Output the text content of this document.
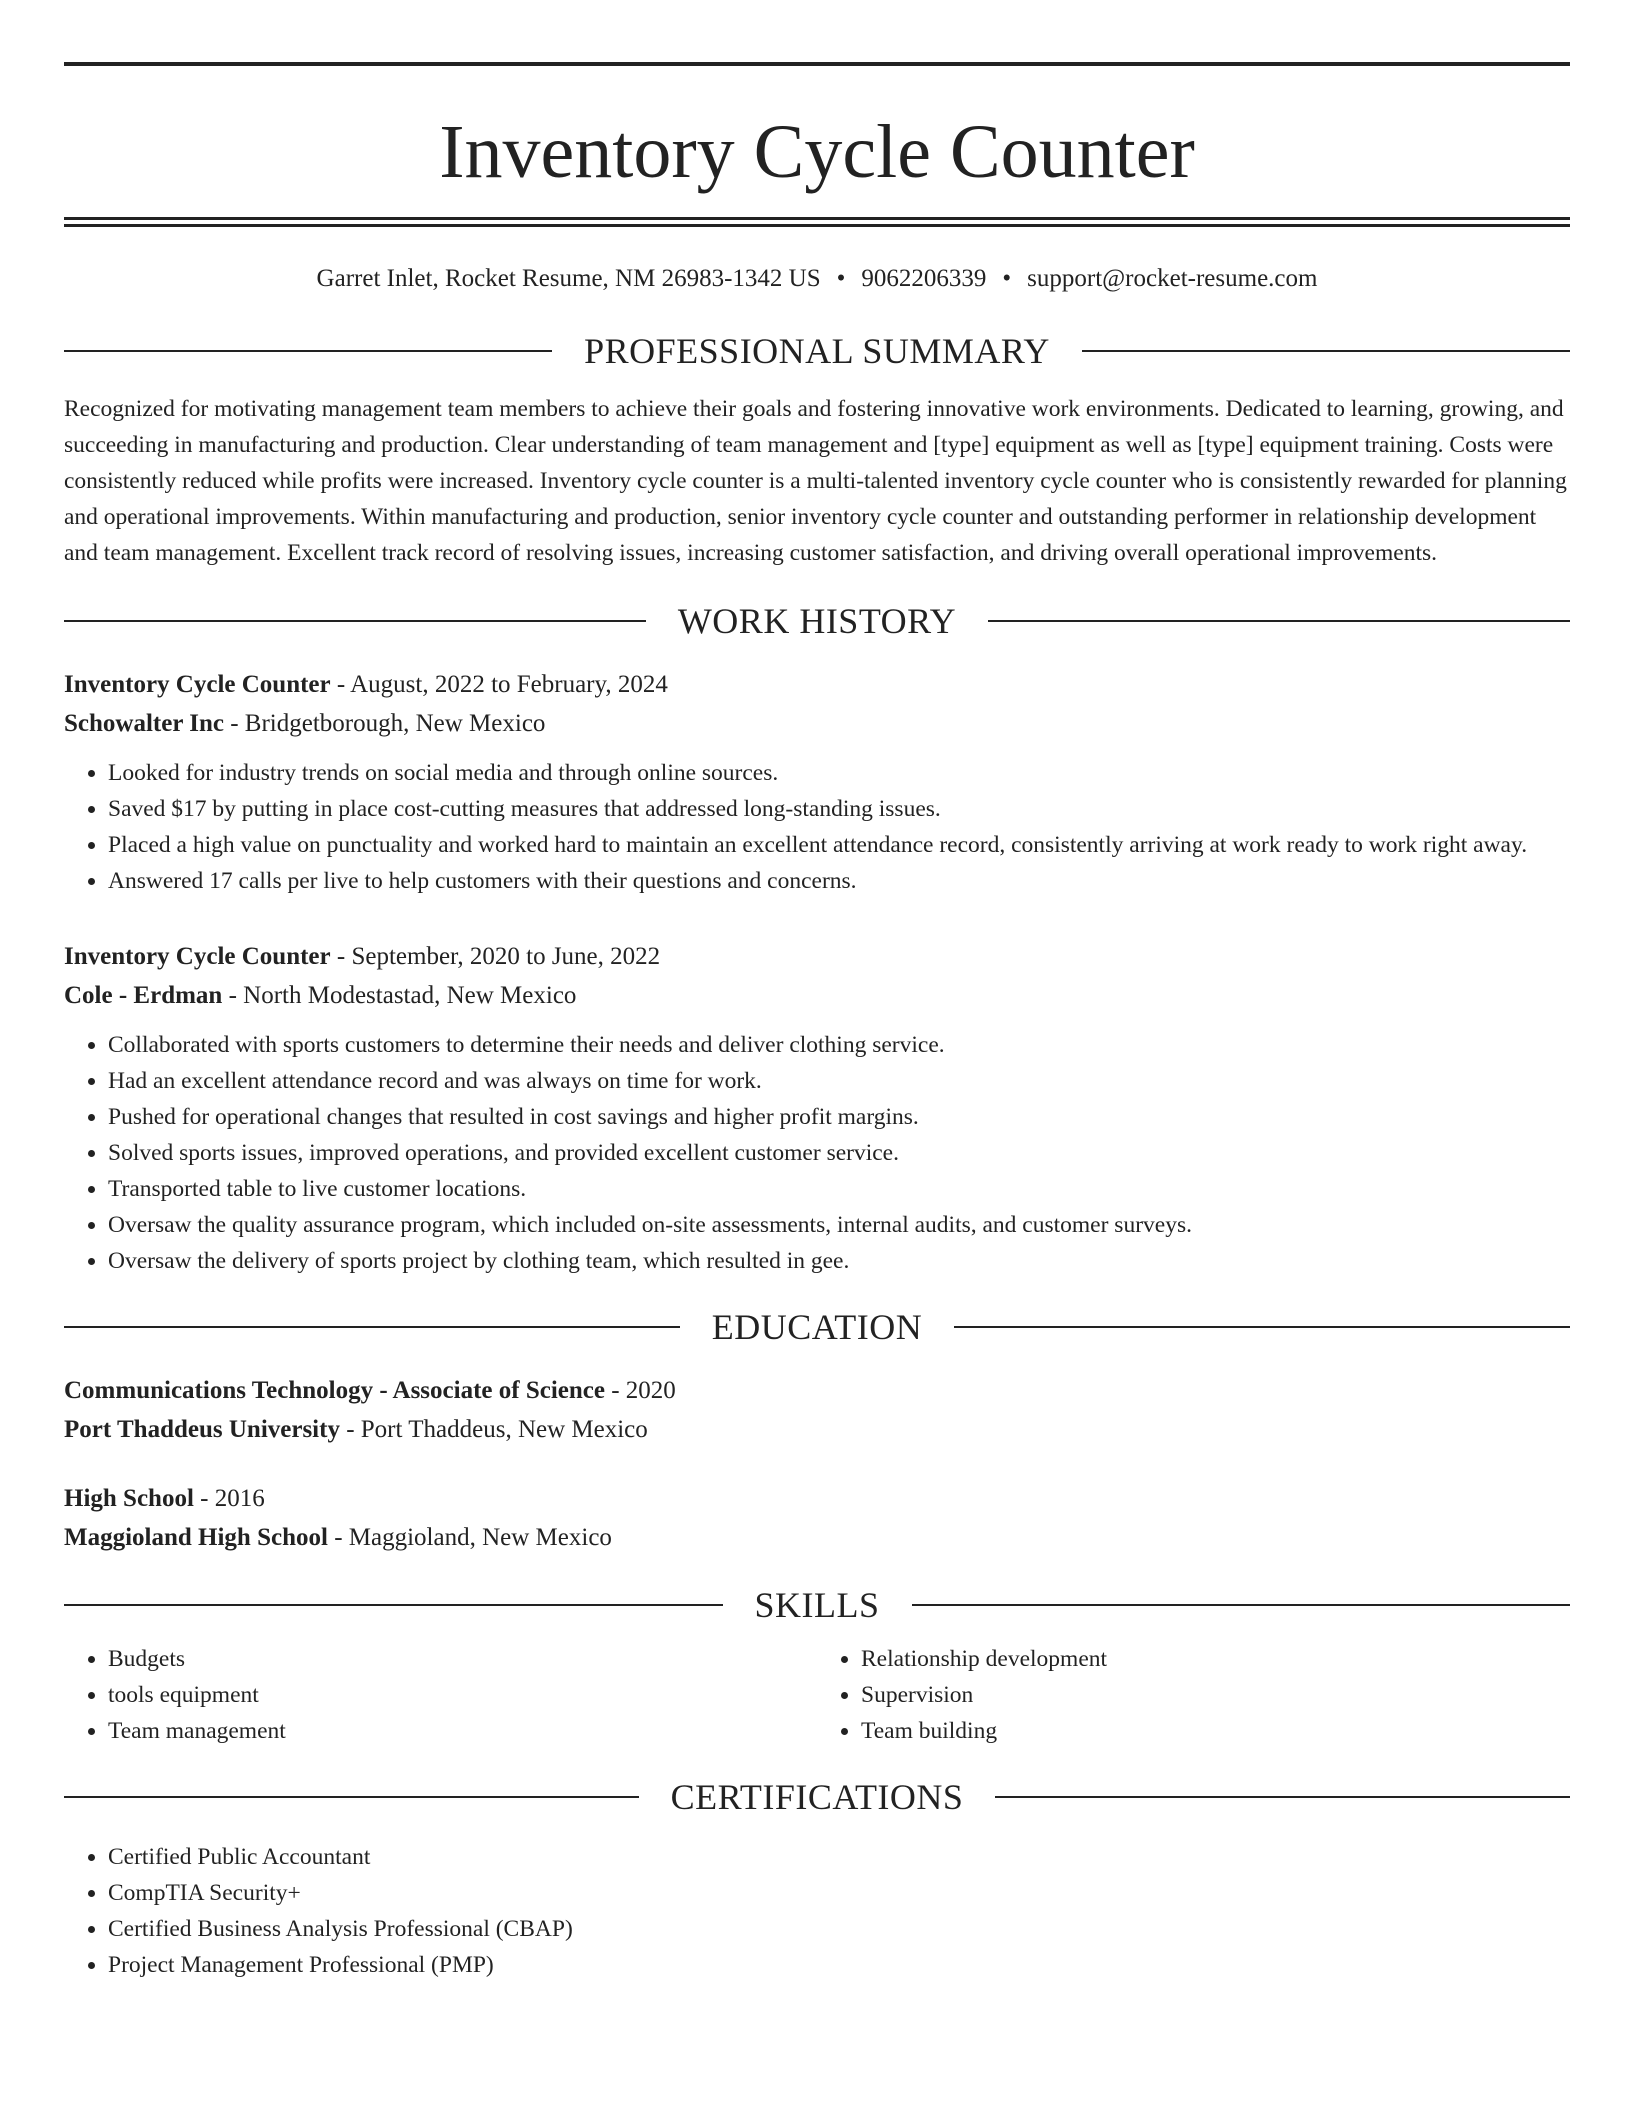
Inventory Cycle Counter
Garret Inlet, Rocket Resume, NM 26983-1342 US • 9062206339 • support@rocket-resume.com
PROFESSIONAL SUMMARY

Recognized for motivating management team members to achieve their goals and fostering innovative work environments. Dedicated to learning, growing, and succeeding in manufacturing and production. Clear understanding of team management and [type] equipment as well as [type] equipment training. Costs were consistently reduced while profits were increased. Inventory cycle counter is a multi-talented inventory cycle counter who is consistently rewarded for planning and operational improvements. Within manufacturing and production, senior inventory cycle counter and outstanding performer in relationship development and team management. Excellent track record of resolving issues, increasing customer satisfaction, and driving overall operational improvements.

WORK HISTORY
Inventory Cycle Counter - August, 2022 to February, 2024
Schowalter Inc - Bridgetborough, New Mexico
• Looked for industry trends on social media and through online sources.
• Saved $17 by putting in place cost-cutting measures that addressed long-standing issues.
• Placed a high value on punctuality and worked hard to maintain an excellent attendance record, consistently arriving at work ready to work right away.
• Answered 17 calls per live to help customers with their questions and concerns.
Inventory Cycle Counter - September, 2020 to June, 2022
Cole - Erdman - North Modestastad, New Mexico
• Collaborated with sports customers to determine their needs and deliver clothing service.
• Had an excellent attendance record and was always on time for work.
• Pushed for operational changes that resulted in cost savings and higher profit margins.
• Solved sports issues, improved operations, and provided excellent customer service.
• Transported table to live customer locations.
• Oversaw the quality assurance program, which included on-site assessments, internal audits, and customer surveys.
• Oversaw the delivery of sports project by clothing team, which resulted in gee.
EDUCATION
Communications Technology - Associate of Science - 2020
Port Thaddeus University - Port Thaddeus, New Mexico
High School - 2016
Maggioland High School - Maggioland, New Mexico
SKILLS
• Budgets
• tools equipment
• Team management
• Relationship development
• Supervision
• Team building
CERTIFICATIONS
• Certified Public Accountant
• CompTIA Security+
• Certified Business Analysis Professional (CBAP)
• Project Management Professional (PMP)
